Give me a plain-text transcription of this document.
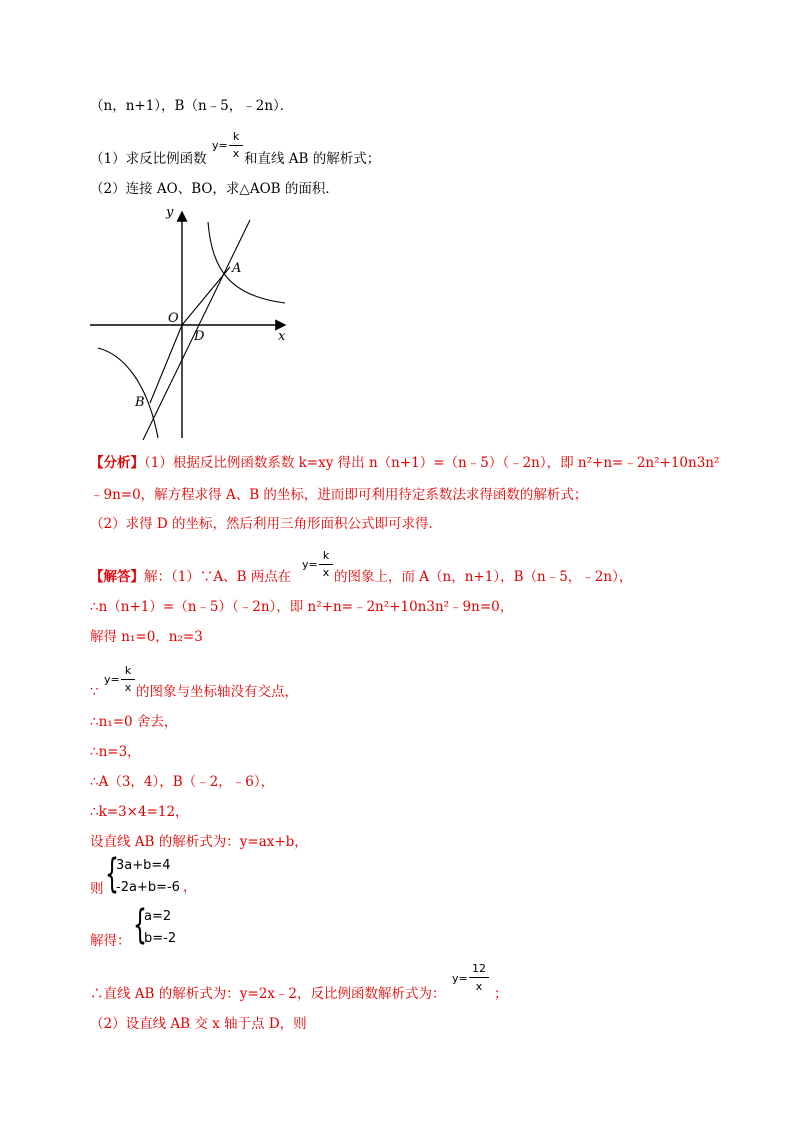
（n，n+1），B（n﹣5，﹣2n）．
（1）求反比例函数
y=
k
x 和直线 AB 的解析式；
（2）连接 AO、BO，求△AOB 的面积．
y
x
O
A
B
D
【分析】（1）根据反比例函数系数 k=xy 得出 n（n+1）=（n﹣5）（﹣2n），即 n²+n=﹣2n²+10n3n²
﹣9n=0，解方程求得 A、B 的坐标，进而即可利用待定系数法求得函数的解析式；
（2）求得 D 的坐标，然后利用三角形面积公式即可求得．
【解答】解：（1）∵A、B 两点在
y=
k
x 的图象上，而 A（n，n+1），B（n﹣5，﹣2n），
∴n（n+1）=（n﹣5）（﹣2n），即 n²+n=﹣2n²+10n3n²﹣9n=0，
解得 n₁=0，n₂=3
∵
y=
k
x 的图象与坐标轴没有交点，
∴n₁=0 舍去，
∴n=3，
∴A（3，4），B（﹣2，﹣6），
∴k=3×4=12，
设直线 AB 的解析式为：y=ax+b，
则 {
3a+b=4
-2a+b=-6 ，
解得： {
a=2
b=-2
∴直线 AB 的解析式为：y=2x﹣2，反比例函数解析式为：
y=
12
x ；
（2）设直线 AB 交 x 轴于点 D，则
